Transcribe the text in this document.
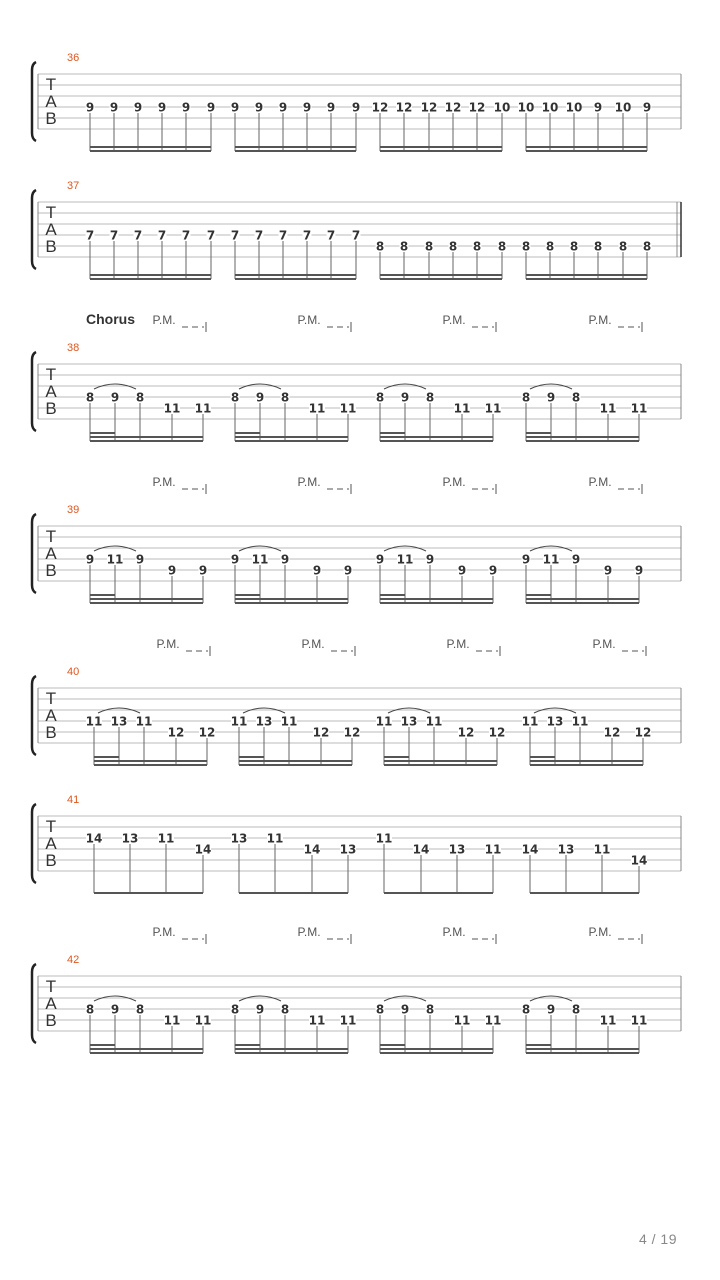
T
A
B
36
9 9 9 9 9 9 9 9 9 9 9	12 12 12 12 12 10 10 10 10 9 10 9
9
T
A
B
37
7 7 7 7 7 7 7 7 7 7 7
8 8 8 8 8 8 8 8 8 8 8 8
7
T
A
B
38
Chorus P.M.
8 9 8
11 11
P.M.
8 9 8
11 11
P.M.
8 9 8
11 11
P.M.
8 9 8
11 11
T
A
B
39
P.M.
9 11 9
9 9
P.M.
9 11 9
9 9
P.M.
9 11 9
9 9
P.M.
9 11 9
9 9
T
A
B
40
P.M.
11 13 11
12 12
P.M.
11 13 11
12 12
P.M.
11 13 11
12 12
P.M.
11 13 11
12 12
T
A
B
42
P.M.
8 9 8
11 11
P.M.
8 9 8
11 11
P.M.
8 9 8
11 11
P.M.
8 9 8
11 11
T
A
B
41
14 13 11
14
13 11
14 13
11
14 13 11 14 13 11
14
4 / 19
